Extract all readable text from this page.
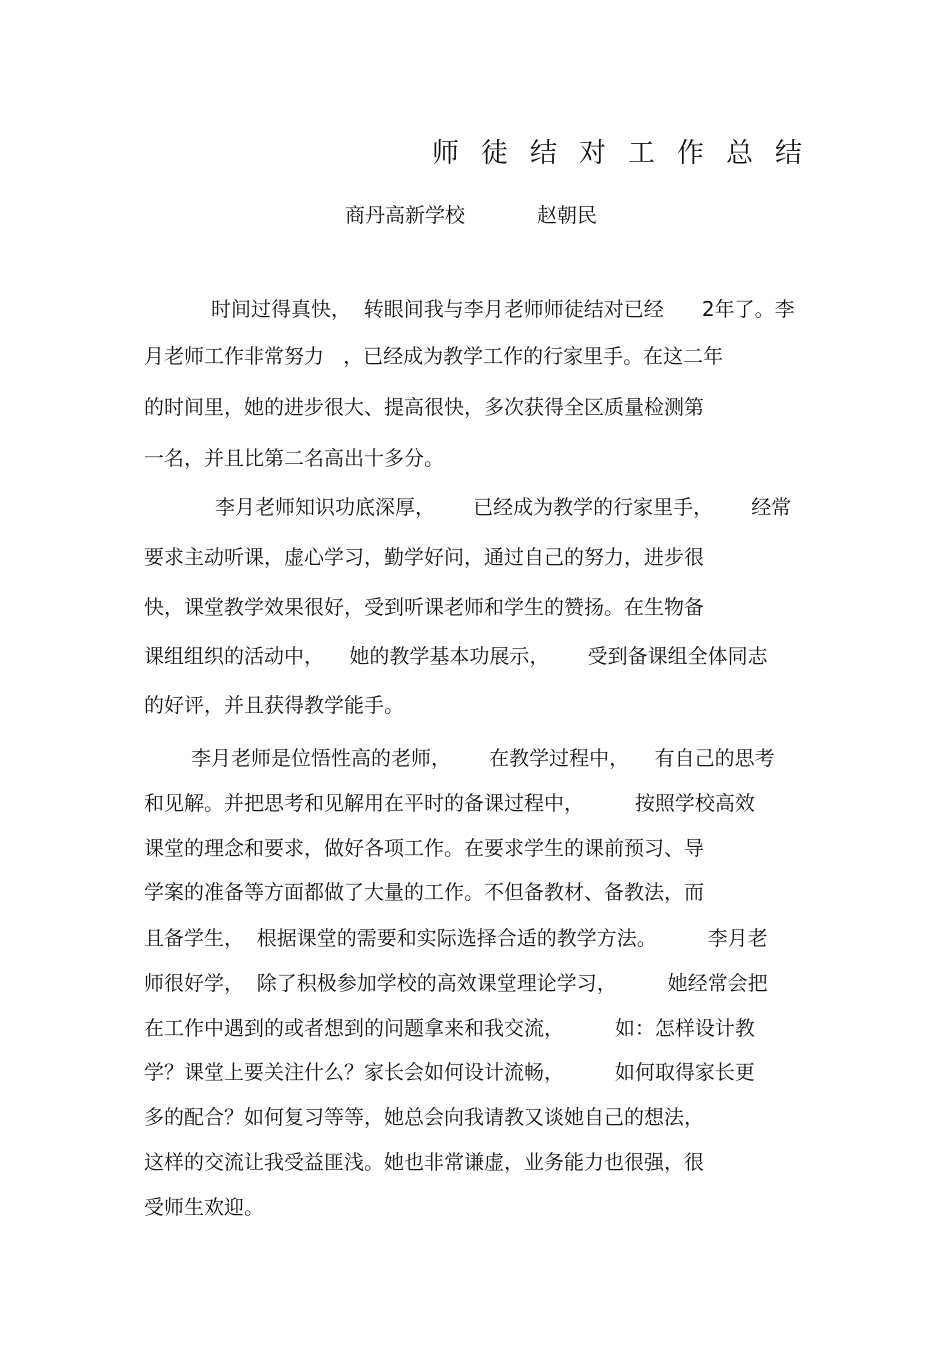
师徒结对工作总结
商丹高新学校	赵朝民
时间过得真快，  转眼间我与李月老师师徒结对已经      2年了。李
月老师工作非常努力   ，已经成为教学工作的行家里手。在这二年
的时间里，她的进步很大、提高很快，多次获得全区质量检测第
一名，并且比第二名高出十多分。
李月老师知识功底深厚，      已经成为教学的行家里手，      经常
要求主动听课，虚心学习，勤学好问，通过自己的努力，进步很
快，课堂教学效果很好，受到听课老师和学生的赞扬。在生物备
课组组织的活动中，    她的教学基本功展示，      受到备课组全体同志
的好评，并且获得教学能手。
李月老师是位悟性高的老师，      在教学过程中，    有自己的思考
和见解。并把思考和见解用在平时的备课过程中，        按照学校高效
课堂的理念和要求，做好各项工作。在要求学生的课前预习、导
学案的准备等方面都做了大量的工作。不但备教材、备教法，而
且备学生，  根据课堂的需要和实际选择合适的教学方法。        李月老
师很好学，  除了积极参加学校的高效课堂理论学习，        她经常会把
在工作中遇到的或者想到的问题拿来和我交流，        如：怎样设计教
学？课堂上要关注什么？家长会如何设计流畅，        如何取得家长更
多的配合？如何复习等等，她总会向我请教又谈她自己的想法，
这样的交流让我受益匪浅。她也非常谦虚，业务能力也很强，很
受师生欢迎。
